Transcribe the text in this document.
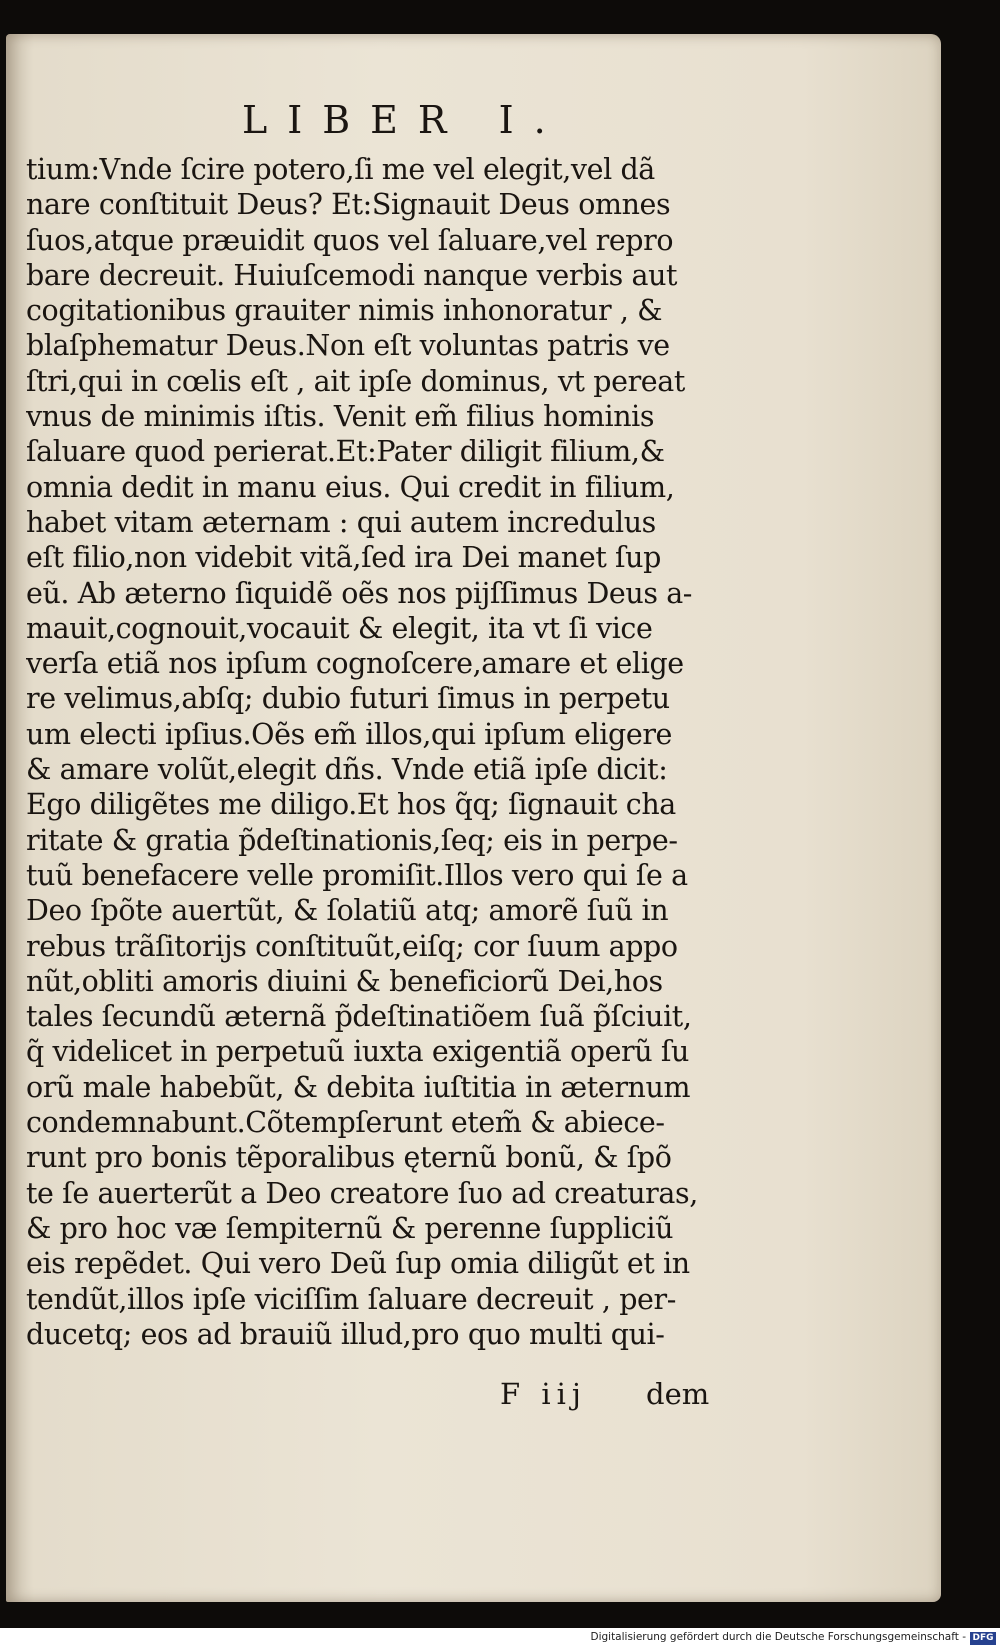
LIBER I.
tium:Vnde ſcire potero,ſi me vel elegit,vel dã
nare conſtituit Deus? Et:Signauit Deus omnes
ſuos,atque præuidit quos vel ſaluare,vel repro
bare decreuit. Huiuſcemodi nanque verbis aut
cogitationibus grauiter nimis inhonoratur , &
blaſphematur Deus.Non eſt voluntas patris ve
ſtri,qui in cœlis eſt , ait ipſe dominus, vt pereat
vnus de minimis iſtis. Venit em̃ filius hominis
ſaluare quod perierat.Et:Pater diligit filium,&
omnia dedit in manu eius. Qui credit in filium,
habet vitam æternam : qui autem incredulus
eſt filio,non videbit vitã,ſed ira Dei manet ſup
eũ. Ab æterno ſiquidẽ oẽs nos pijſſimus Deus a-
mauit,cognouit,vocauit & elegit, ita vt ſi vice
verſa etiã nos ipſum cognoſcere,amare et elige
re velimus,abſq; dubio futuri ſimus in perpetu
um electi ipſius.Oẽs em̃ illos,qui ipſum eligere
& amare volũt,elegit dñs. Vnde etiã ipſe dicit:
Ego diligẽtes me diligo.Et hos q̃q; ſignauit cha
ritate & gratia p̃deſtinationis,ſeq; eis in perpe-
tuũ benefacere velle promiſit.Illos vero qui ſe a
Deo ſpõte auertũt, & ſolatiũ atq; amorẽ ſuũ in
rebus trãſitorijs conſtituũt,eiſq; cor ſuum appo
nũt,obliti amoris diuini & beneficiorũ Dei,hos
tales ſecundũ æternã p̃deſtinatiõem ſuã p̃ſciuit,
q̃ videlicet in perpetuũ iuxta exigentiã operũ ſu
orũ male habebũt, & debita iuſtitia in æternum
condemnabunt.Cõtempſerunt etem̃ & abiece-
runt pro bonis tẽporalibus ęternũ bonũ, & ſpõ
te ſe auerterũt a Deo creatore ſuo ad creaturas,
& pro hoc væ ſempiternũ & perenne ſuppliciũ
eis repẽdet. Qui vero Deũ ſup omia diligũt et in
tendũt,illos ipſe viciſſim ſaluare decreuit , per-
ducetq; eos ad brauiũ illud,pro quo multi qui-
F iij dem
Digitalisierung gefördert durch die Deutsche Forschungsgemeinschaft - DFG
